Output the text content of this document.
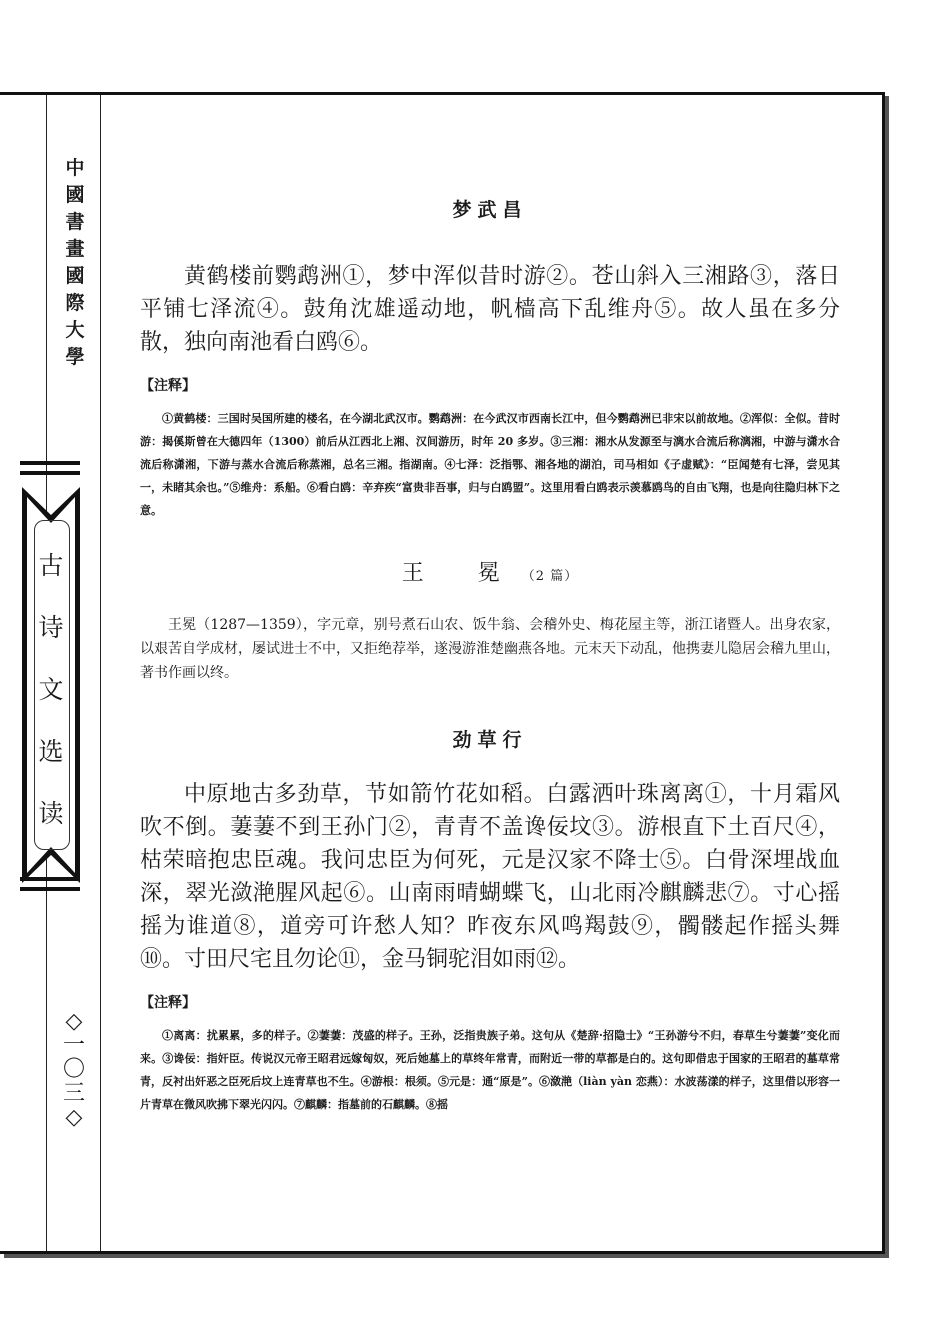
中
國
書
畫
國
際
大
學
古
诗
文
选
读
◇
一
〇
三
◇
梦武昌

黄鹤楼前鹦鹉洲①，梦中浑似昔时游②。苍山斜入三湘路③，落日平铺七泽流④。鼓角沈雄遥动地，帆樯高下乱维舟⑤。故人虽在多分散，独向南池看白鸥⑥。

【注释】

①黄鹤楼：三国时吴国所建的楼名，在今湖北武汉市。鹦鹉洲：在今武汉市西南长江中，但今鹦鹉洲已非宋以前故地。②浑似：全似。昔时游：揭傒斯曾在大德四年（1300）前后从江西北上湘、汉间游历，时年 20 多岁。③三湘：湘水从发源至与漓水合流后称漓湘，中游与潇水合流后称潇湘，下游与蒸水合流后称蒸湘，总名三湘。指湖南。④七泽：泛指鄂、湘各地的湖泊，司马相如《子虚赋》：“臣闻楚有七泽，尝见其一，未睹其余也。”⑤维舟：系船。⑥看白鸥：辛弃疾“富贵非吾事，归与白鸥盟”。这里用看白鸥表示羡慕鸥鸟的自由飞翔，也是向往隐归林下之意。

王　冕 （2 篇）

王冕（1287—1359），字元章，别号煮石山农、饭牛翁、会稽外史、梅花屋主等，浙江诸暨人。出身农家，以艰苦自学成材，屡试进士不中，又拒绝荐举，遂漫游淮楚幽燕各地。元末天下动乱，他携妻儿隐居会稽九里山，著书作画以终。

劲草行

中原地古多劲草，节如箭竹花如稻。白露洒叶珠离离①，十月霜风吹不倒。萋萋不到王孙门②，青青不盖谗佞坟③。游根直下土百尺④，枯荣暗抱忠臣魂。我问忠臣为何死，元是汉家不降士⑤。白骨深埋战血深，翠光潋滟腥风起⑥。山南雨晴蝴蝶飞，山北雨冷麒麟悲⑦。寸心摇摇为谁道⑧，道旁可许愁人知？昨夜东风鸣羯鼓⑨，髑髅起作摇头舞⑩。寸田尺宅且勿论⑪，金马铜驼泪如雨⑫。

【注释】

①离离：扰累累，多的样子。②萋萋：茂盛的样子。王孙，泛指贵族子弟。这句从《楚辞·招隐士》“王孙游兮不归，春草生兮萋萋”变化而来。③谗佞：指奸臣。传说汉元帝王昭君远嫁匈奴，死后她墓上的草终年常青，而附近一带的草都是白的。这句即借忠于国家的王昭君的墓草常青，反衬出奸恶之臣死后坟上连青草也不生。④游根：根须。⑤元是：通“原是”。⑥潋滟（liàn yàn 恋燕）：水波荡漾的样子，这里借以形容一片青草在微风吹拂下翠光闪闪。⑦麒麟：指墓前的石麒麟。⑧摇
